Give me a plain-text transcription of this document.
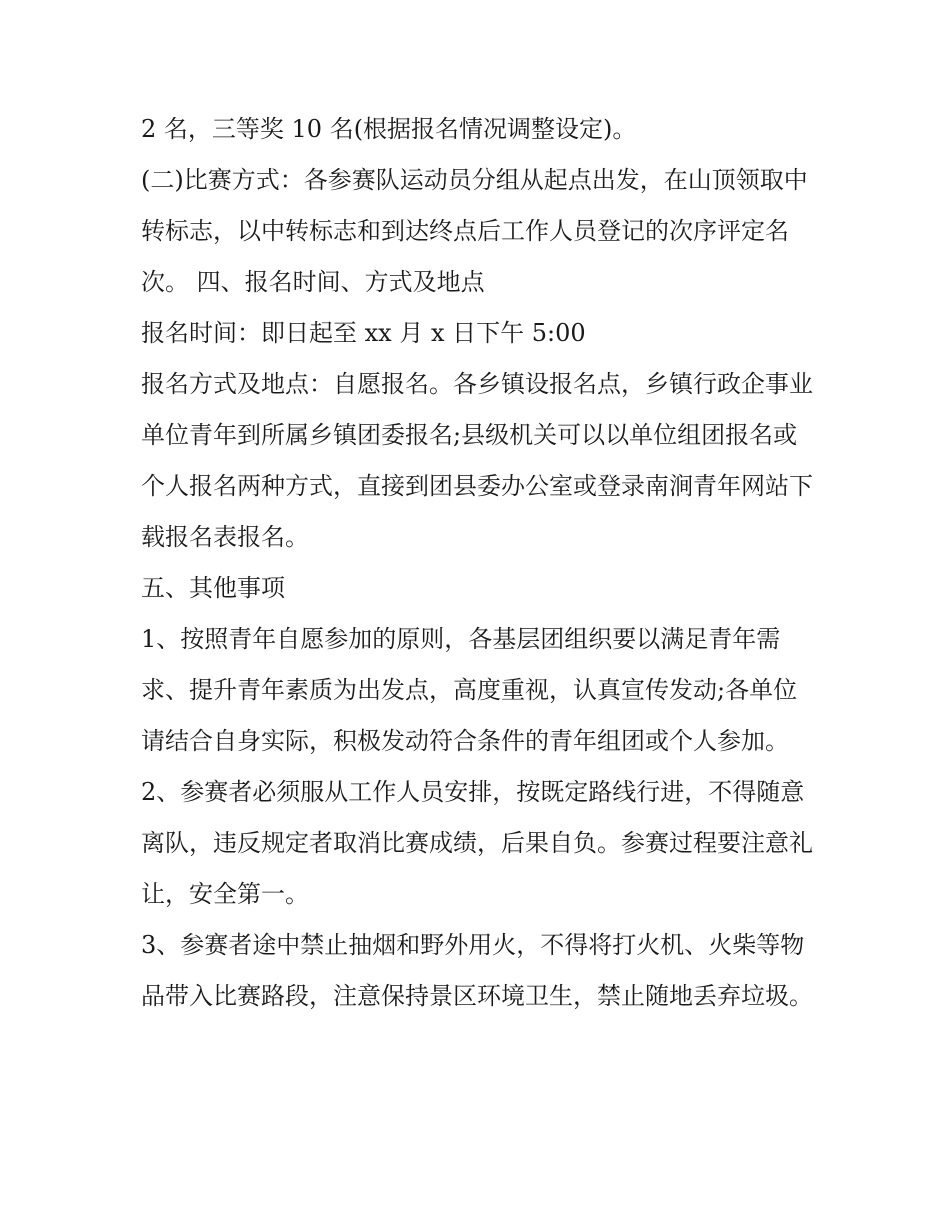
2 名，三等奖 10 名(根据报名情况调整设定)。

(二)比赛方式：各参赛队运动员分组从起点出发，在山顶领取中转标志，以中转标志和到达终点后工作人员登记的次序评定名次。 四、报名时间、方式及地点

报名时间：即日起至 xx 月 x 日下午 5:00

报名方式及地点：自愿报名。各乡镇设报名点，乡镇行政企事业单位青年到所属乡镇团委报名;县级机关可以以单位组团报名或个人报名两种方式，直接到团县委办公室或登录南涧青年网站下载报名表报名。

五、其他事项

1、按照青年自愿参加的原则，各基层团组织要以满足青年需求、提升青年素质为出发点，高度重视，认真宣传发动;各单位请结合自身实际，积极发动符合条件的青年组团或个人参加。

2、参赛者必须服从工作人员安排，按既定路线行进，不得随意离队，违反规定者取消比赛成绩，后果自负。参赛过程要注意礼让，安全第一。

3、参赛者途中禁止抽烟和野外用火，不得将打火机、火柴等物品带入比赛路段，注意保持景区环境卫生，禁止随地丢弃垃圾。
